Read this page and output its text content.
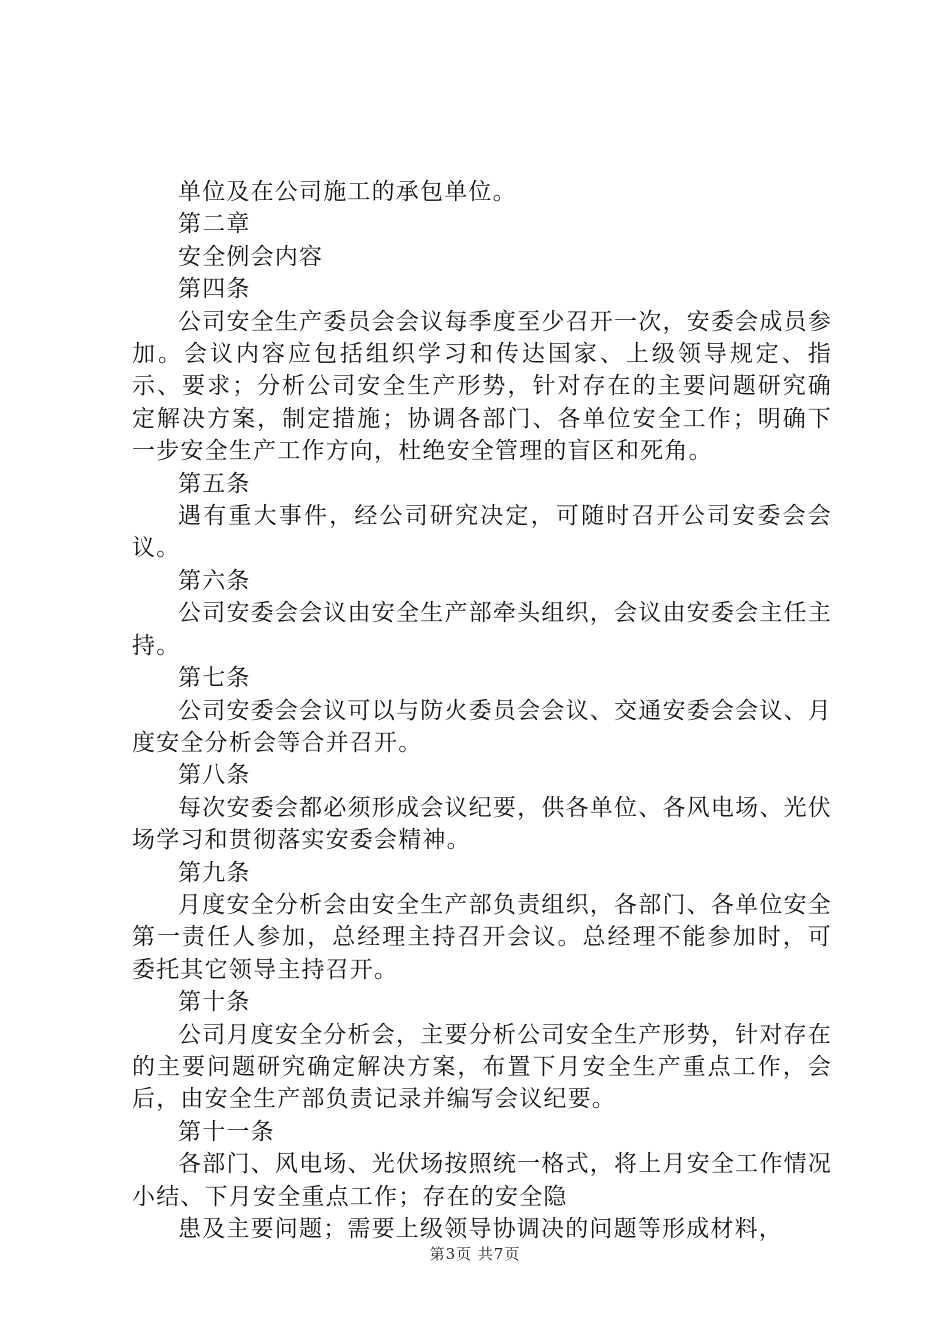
单位及在公司施工的承包单位。

第二章

安全例会内容

第四条

公司安全生产委员会会议每季度至少召开一次，安委会成员参加。会议内容应包括组织学习和传达国家、上级领导规定、指示、要求；分析公司安全生产形势，针对存在的主要问题研究确定解决方案，制定措施；协调各部门、各单位安全工作；明确下一步安全生产工作方向，杜绝安全管理的盲区和死角。

第五条

遇有重大事件，经公司研究决定，可随时召开公司安委会会议。

第六条

公司安委会会议由安全生产部牵头组织，会议由安委会主任主持。

第七条

公司安委会会议可以与防火委员会会议、交通安委会会议、月度安全分析会等合并召开。

第八条

每次安委会都必须形成会议纪要，供各单位、各风电场、光伏场学习和贯彻落实安委会精神。

第九条

月度安全分析会由安全生产部负责组织，各部门、各单位安全第一责任人参加，总经理主持召开会议。总经理不能参加时，可委托其它领导主持召开。

第十条

公司月度安全分析会，主要分析公司安全生产形势，针对存在的主要问题研究确定解决方案，布置下月安全生产重点工作，会后，由安全生产部负责记录并编写会议纪要。

第十一条

各部门、风电场、光伏场按照统一格式，将上月安全工作情况小结、下月安全重点工作；存在的安全隐

患及主要问题；需要上级领导协调决的问题等形成材料，

第3页 共7页
